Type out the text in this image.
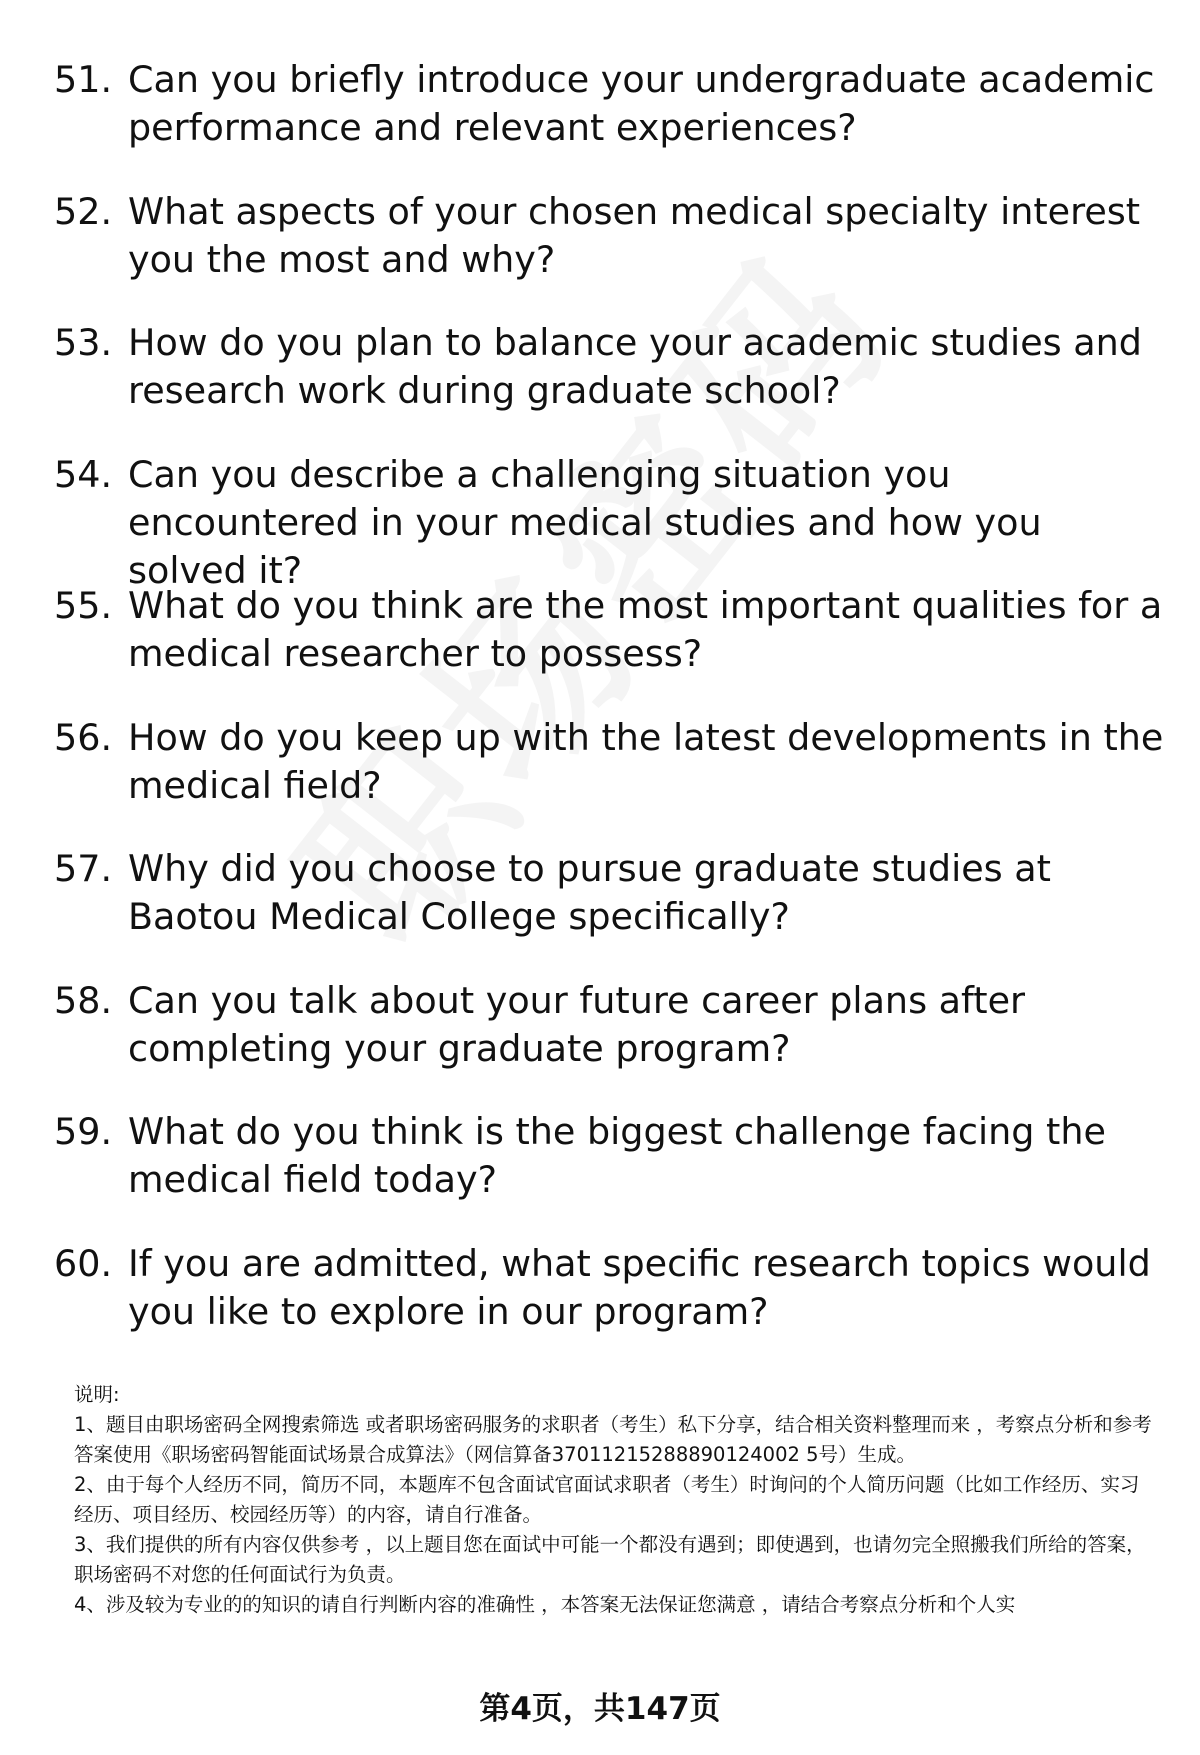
51. Can you briefly introduce your undergraduate academic performance and relevant experiences?
52. What aspects of your chosen medical specialty interest you the most and why?
53. How do you plan to balance your academic studies and research work during graduate school?
54. Can you describe a challenging situation you encountered in your medical studies and how you solved it?
55. What do you think are the most important qualities for a medical researcher to possess?
56. How do you keep up with the latest developments in the medical field?
57. Why did you choose to pursue graduate studies at Baotou Medical College specifically?
58. Can you talk about your future career plans after completing your graduate program?
59. What do you think is the biggest challenge facing the medical field today?
60. If you are admitted, what specific research topics would you like to explore in our program?

说明:

1、题目由职场密码全网搜索筛选 或者职场密码服务的求职者（考生）私下分享，结合相关资料整理而来 ，考察点分析和参考答案使用《职场密码智能面试场景合成算法》（网信算备37011215288890124002 5号）生成。

2、由于每个人经历不同，简历不同，本题库不包含面试官面试求职者（考生）时询问的个人简历问题（比如工作经历、实习经历、项目经历、校园经历等）的内容，请自行准备。

3、我们提供的所有内容仅供参考 ，以上题目您在面试中可能一个都没有遇到；即使遇到，也请勿完全照搬我们所给的答案，职场密码不对您的任何面试行为负责。

4、涉及较为专业的的知识的请自行判断内容的准确性 ，本答案无法保证您满意 ，请结合考察点分析和个人实

第4页，共147页
